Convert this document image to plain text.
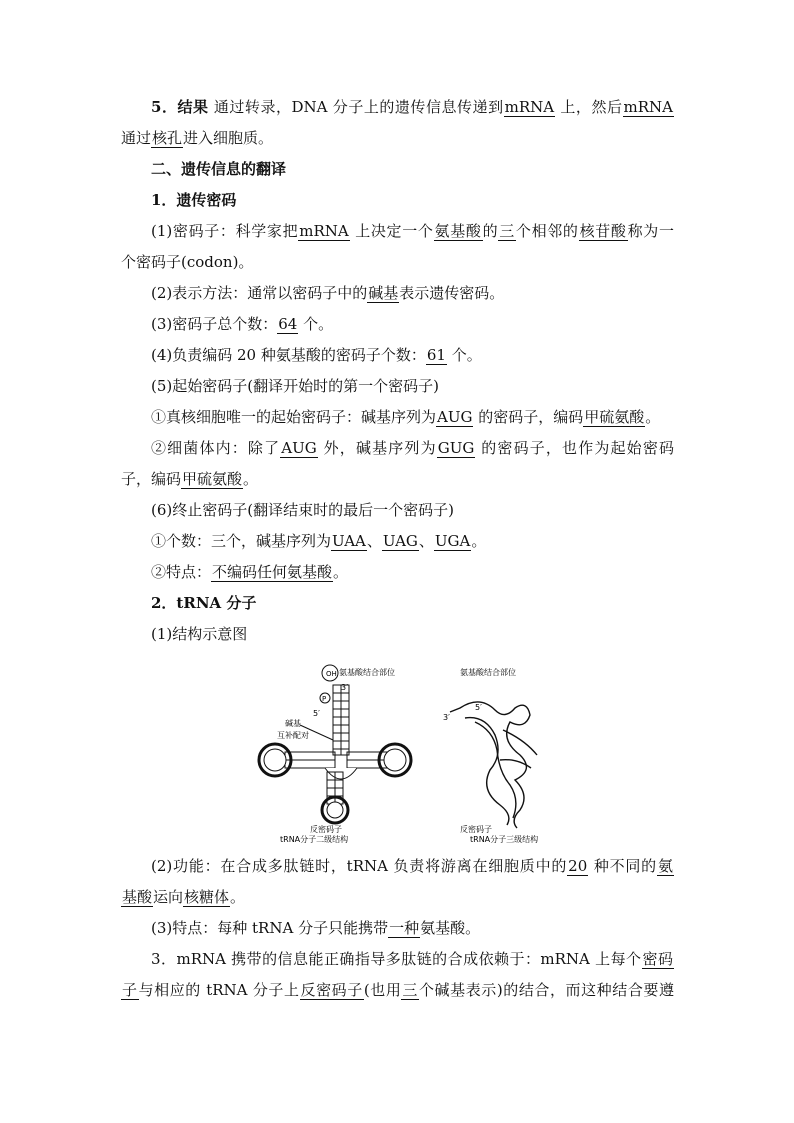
5．结果 通过转录，DNA 分子上的遗传信息传递到mRNA 上，然后mRNA
通过核孔进入细胞质。
二、遗传信息的翻译
1．遗传密码
(1)密码子：科学家把mRNA 上决定一个氨基酸的三个相邻的核苷酸称为一
个密码子(codon)。
(2)表示方法：通常以密码子中的碱基表示遗传密码。
(3)密码子总个数：64 个。
(4)负责编码 20 种氨基酸的密码子个数：61 个。
(5)起始密码子(翻译开始时的第一个密码子)
①真核细胞唯一的起始密码子：碱基序列为AUG 的密码子，编码甲硫氨酸。
②细菌体内：除了AUG 外，碱基序列为GUG 的密码子，也作为起始密码
子，编码甲硫氨酸。
(6)终止密码子(翻译结束时的最后一个密码子)
①个数：三个，碱基序列为UAA、UAG、UGA。
②特点：不编码任何氨基酸。
2．tRNA 分子
(1)结构示意图
氨基酸结合部位
OH
3′
P
5′
碱基
互补配对
反密码子
tRNA分子二级结构
氨基酸结合部位
3′
5′
反密码子
tRNA分子三级结构
(2)功能：在合成多肽链时，tRNA 负责将游离在细胞质中的20 种不同的氨
基酸运向核糖体。
(3)特点：每种 tRNA 分子只能携带一种氨基酸。
3．mRNA 携带的信息能正确指导多肽链的合成依赖于：mRNA 上每个密码
子与相应的 tRNA 分子上反密码子(也用三个碱基表示)的结合，而这种结合要遵
